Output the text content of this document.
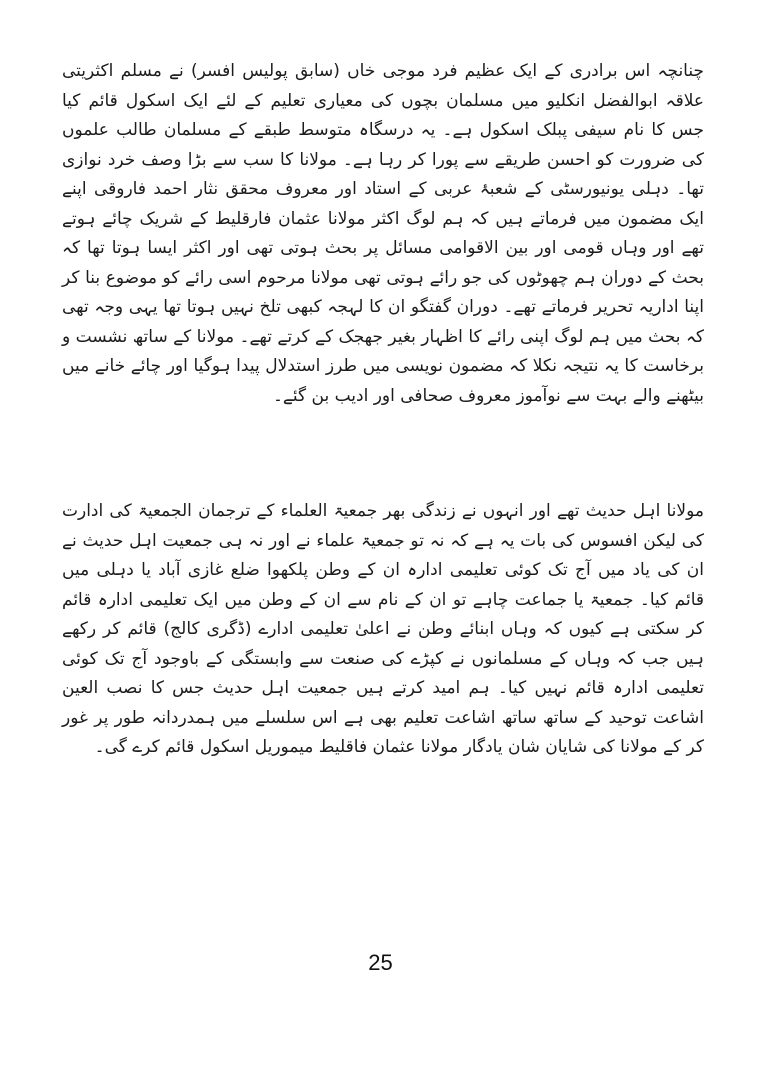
چنانچہ اس برادری کے ایک عظیم فرد موجی خاں (سابق پولیس افسر) نے مسلم اکثریتی علاقہ ابوالفضل انکلیو میں مسلمان بچوں کی معیاری تعلیم کے لئے ایک اسکول قائم کیا جس کا نام سیفی پبلک اسکول ہے۔ یہ درسگاہ متوسط طبقے کے مسلمان طالب علموں کی ضرورت کو احسن طریقے سے پورا کر رہا ہے۔ مولانا کا سب سے بڑا وصف خرد نوازی تھا۔ دہلی یونیورسٹی کے شعبۂ عربی کے استاد اور معروف محقق نثار احمد فاروقی اپنے ایک مضمون میں فرماتے ہیں کہ ہم لوگ اکثر مولانا عثمان فارقلیط کے شریک چائے ہوتے تھے اور وہاں قومی اور بین الاقوامی مسائل پر بحث ہوتی تھی اور اکثر ایسا ہوتا تھا کہ بحث کے دوران ہم چھوٹوں کی جو رائے ہوتی تھی مولانا مرحوم اسی رائے کو موضوع بنا کر اپنا اداریہ تحریر فرماتے تھے۔ دوران گفتگو ان کا لہجہ کبھی تلخ نہیں ہوتا تھا یہی وجہ تھی کہ بحث میں ہم لوگ اپنی رائے کا اظہار بغیر جھجک کے کرتے تھے۔ مولانا کے ساتھ نشست و برخاست کا یہ نتیجہ نکلا کہ مضمون نویسی میں طرز استدلال پیدا ہوگیا اور چائے خانے میں بیٹھنے والے بہت سے نوآموز معروف صحافی اور ادیب بن گئے۔

مولانا اہل حدیث تھے اور انہوں نے زندگی بھر جمعیۃ العلماء کے ترجمان الجمعیۃ کی ادارت کی لیکن افسوس کی بات یہ ہے کہ نہ تو جمعیۃ علماء نے اور نہ ہی جمعیت اہل حدیث نے ان کی یاد میں آج تک کوئی تعلیمی ادارہ ان کے وطن پلکھوا ضلع غازی آباد یا دہلی میں قائم کیا۔ جمعیۃ یا جماعت چاہے تو ان کے نام سے ان کے وطن میں ایک تعلیمی ادارہ قائم کر سکتی ہے کیوں کہ وہاں ابنائے وطن نے اعلیٰ تعلیمی ادارے (ڈگری کالج) قائم کر رکھے ہیں جب کہ وہاں کے مسلمانوں نے کپڑے کی صنعت سے وابستگی کے باوجود آج تک کوئی تعلیمی ادارہ قائم نہیں کیا۔ ہم امید کرتے ہیں جمعیت اہل حدیث جس کا نصب العین اشاعت توحید کے ساتھ ساتھ اشاعت تعلیم بھی ہے اس سلسلے میں ہمدردانہ طور پر غور کر کے مولانا کی شایان شان یادگار مولانا عثمان فاقلیط میموریل اسکول قائم کرے گی۔

25
